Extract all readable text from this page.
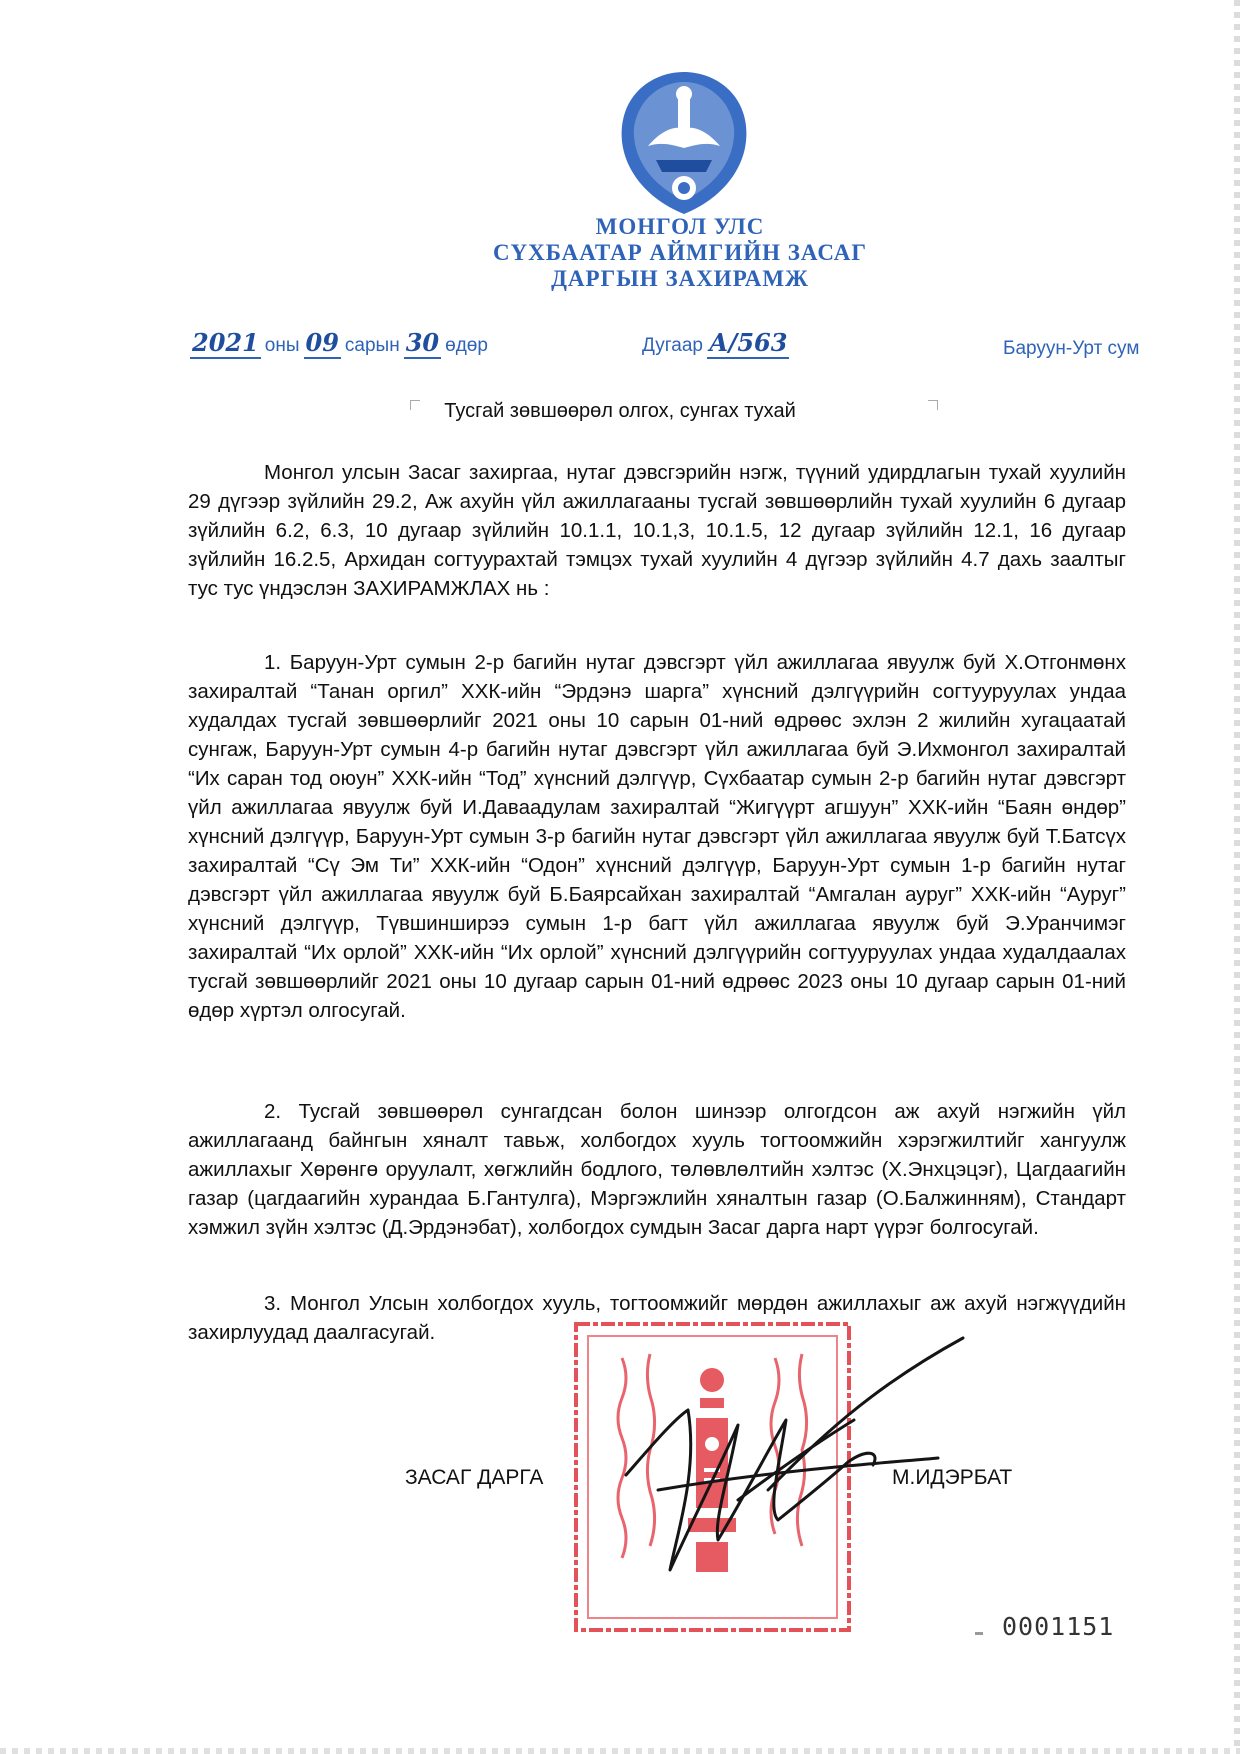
МОНГОЛ УЛС
СҮХБААТАР АЙМГИЙН ЗАСАГ
ДАРГЫН ЗАХИРАМЖ
2021 оны 09 сарын 30 өдөр	Дугаар А/563	Баруун-Урт сум
Тусгай зөвшөөрөл олгох, сунгах тухай

Монгол улсын Засаг захиргаа, нутаг дэвсгэрийн нэгж, түүний удирдлагын тухай хуулийн 29 дүгээр зүйлийн 29.2, Аж ахуйн үйл ажиллагааны тусгай зөвшөөрлийн тухай хуулийн 6 дугаар зүйлийн 6.2, 6.3, 10 дугаар зүйлийн 10.1.1, 10.1,3, 10.1.5, 12 дугаар зүйлийн 12.1, 16 дугаар зүйлийн 16.2.5, Архидан согтуурахтай тэмцэх тухай хуулийн 4 дүгээр зүйлийн 4.7 дахь заалтыг тус тус үндэслэн ЗАХИРАМЖЛАХ нь :

1. Баруун-Урт сумын 2-р багийн нутаг дэвсгэрт үйл ажиллагаа явуулж буй Х.Отгонмөнх захиралтай “Танан оргил” ХХК-ийн “Эрдэнэ шарга” хүнсний дэлгүүрийн согтууруулах ундаа худалдах тусгай зөвшөөрлийг 2021 оны 10 сарын 01-ний өдрөөс эхлэн 2 жилийн хугацаатай сунгаж, Баруун-Урт сумын 4-р багийн нутаг дэвсгэрт үйл ажиллагаа буй Э.Ихмонгол захиралтай “Их саран тод оюун” ХХК-ийн “Тод” хүнсний дэлгүүр, Сүхбаатар сумын 2-р багийн нутаг дэвсгэрт үйл ажиллагаа явуулж буй И.Даваадулам захиралтай “Жигүүрт агшуун” ХХК-ийн “Баян өндөр” хүнсний дэлгүүр, Баруун-Урт сумын 3-р багийн нутаг дэвсгэрт үйл ажиллагаа явуулж буй Т.Батсүх захиралтай “Сү Эм Ти” ХХК-ийн “Одон” хүнсний дэлгүүр, Баруун-Урт сумын 1-р багийн нутаг дэвсгэрт үйл ажиллагаа явуулж буй Б.Баярсайхан захиралтай “Амгалан ауруг” ХХК-ийн “Ауруг” хүнсний дэлгүүр, Түвшинширээ сумын 1-р багт үйл ажиллагаа явуулж буй Э.Уранчимэг захиралтай “Их орлой” ХХК-ийн “Их орлой” хүнсний дэлгүүрийн согтууруулах ундаа худалдаалах тусгай зөвшөөрлийг 2021 оны 10 дугаар сарын 01-ний өдрөөс 2023 оны 10 дугаар сарын 01-ний өдөр хүртэл олгосугай.

2. Тусгай зөвшөөрөл сунгагдсан болон шинээр олгогдсон аж ахуй нэгжийн үйл ажиллагаанд байнгын хяналт тавьж, холбогдох хууль тогтоомжийн хэрэгжилтийг хангуулж ажиллахыг Хөрөнгө оруулалт, хөгжлийн бодлого, төлөвлөлтийн хэлтэс (Х.Энхцэцэг), Цагдаагийн газар (цагдаагийн хурандаа Б.Гантулга), Мэргэжлийн хяналтын газар (О.Балжинням), Стандарт хэмжил зүйн хэлтэс (Д.Эрдэнэбат), холбогдох сумдын Засаг дарга нарт үүрэг болгосугай.

3. Монгол Улсын холбогдох хууль, тогтоомжийг мөрдөн ажиллахыг аж ахуй нэгжүүдийн захирлуудад даалгасугай.

ЗАСАГ ДАРГА	М.ИДЭРБАТ
0001151
